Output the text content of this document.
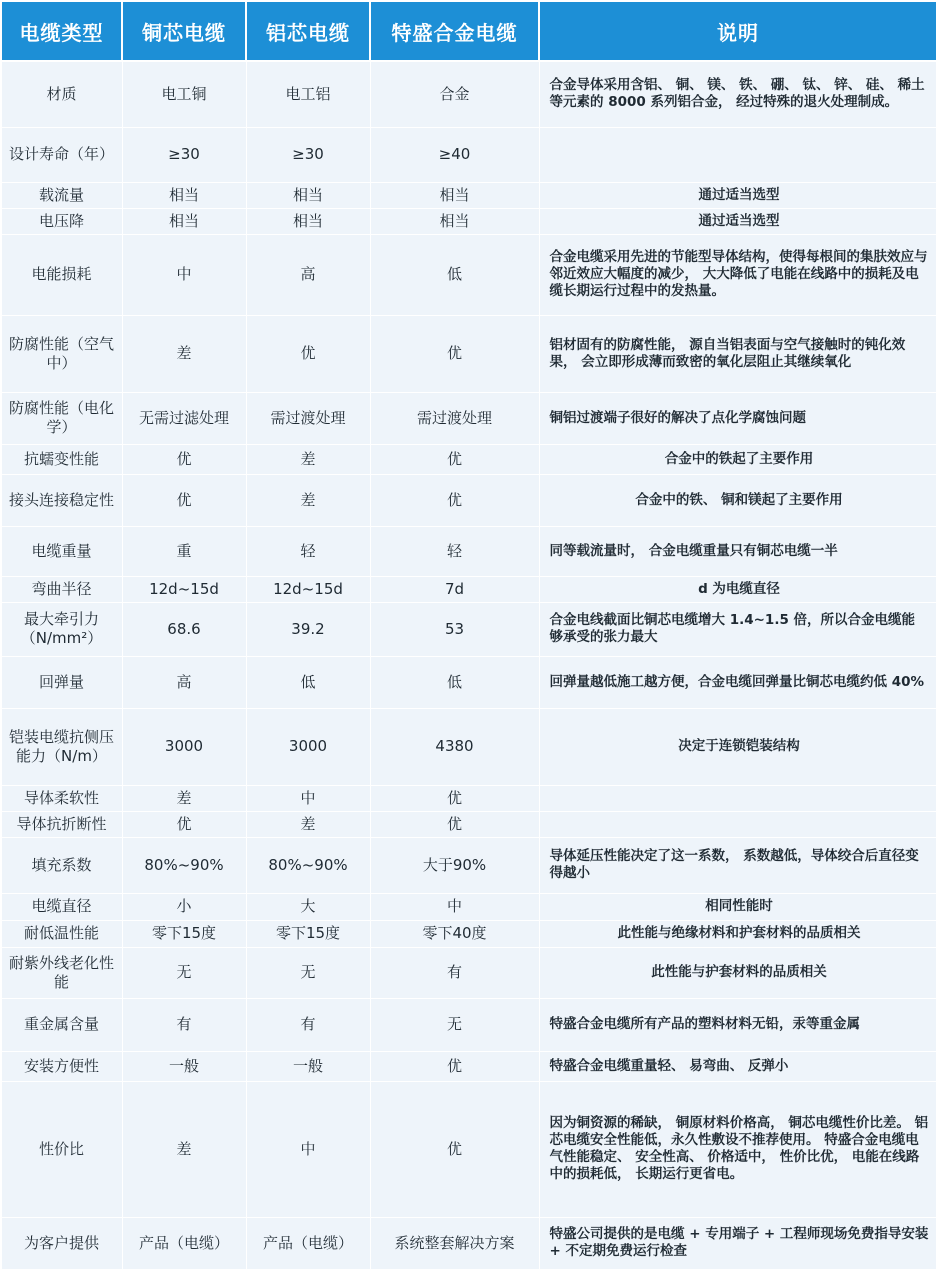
电缆类型	铜芯电缆	铝芯电缆	特盛合金电缆	说明
材质	电工铜	电工铝	合金	合金导体采用含铝、 铜、 镁、 铁、 硼、 钛、 锌、 硅、 稀土等元素的 8000 系列铝合金， 经过特殊的退火处理制成。
设计寿命（年）	≥30	≥30	≥40	
载流量	相当	相当	相当	通过适当选型
电压降	相当	相当	相当	通过适当选型
电能损耗	中	高	低	合金电缆采用先进的节能型导体结构，使得每根间的集肤效应与邻近效应大幅度的减少， 大大降低了电能在线路中的损耗及电缆长期运行过程中的发热量。
防腐性能（空气中）	差	优	优	铝材固有的防腐性能， 源自当铝表面与空气接触时的钝化效果， 会立即形成薄而致密的氧化层阻止其继续氧化
防腐性能（电化学）	无需过滤处理	需过渡处理	需过渡处理	铜铝过渡端子很好的解决了点化学腐蚀问题
抗蠕变性能	优	差	优	合金中的铁起了主要作用
接头连接稳定性	优	差	优	合金中的铁、 铜和镁起了主要作用
电缆重量	重	轻	轻	同等载流量时， 合金电缆重量只有铜芯电缆一半
弯曲半径	12d~15d	12d~15d	7d	d 为电缆直径
最大牵引力（N/mm²）	68.6	39.2	53	合金电线截面比铜芯电缆增大 1.4~1.5 倍，所以合金电缆能够承受的张力最大
回弹量	高	低	低	回弹量越低施工越方便，合金电缆回弹量比铜芯电缆约低 40%
铠装电缆抗侧压能力（N/m）	3000	3000	4380	决定于连锁铠装结构
导体柔软性	差	中	优	
导体抗折断性	优	差	优	
填充系数	80%~90%	80%~90%	大于90%	导体延压性能决定了这一系数， 系数越低，导体绞合后直径变得越小
电缆直径	小	大	中	相同性能时
耐低温性能	零下15度	零下15度	零下40度	此性能与绝缘材料和护套材料的品质相关
耐紫外线老化性能	无	无	有	此性能与护套材料的品质相关
重金属含量	有	有	无	特盛合金电缆所有产品的塑料材料无铅，汞等重金属
安装方便性	一般	一般	优	特盛合金电缆重量轻、 易弯曲、 反弹小
性价比	差	中	优	因为铜资源的稀缺， 铜原材料价格高， 铜芯电缆性价比差。 铝芯电缆安全性能低，永久性敷设不推荐使用。 特盛合金电缆电气性能稳定、 安全性高、 价格适中， 性价比优， 电能在线路中的损耗低， 长期运行更省电。
为客户提供	产品（电缆）	产品（电缆）	系统整套解决方案	特盛公司提供的是电缆 + 专用端子 + 工程师现场免费指导安装 + 不定期免费运行检查
